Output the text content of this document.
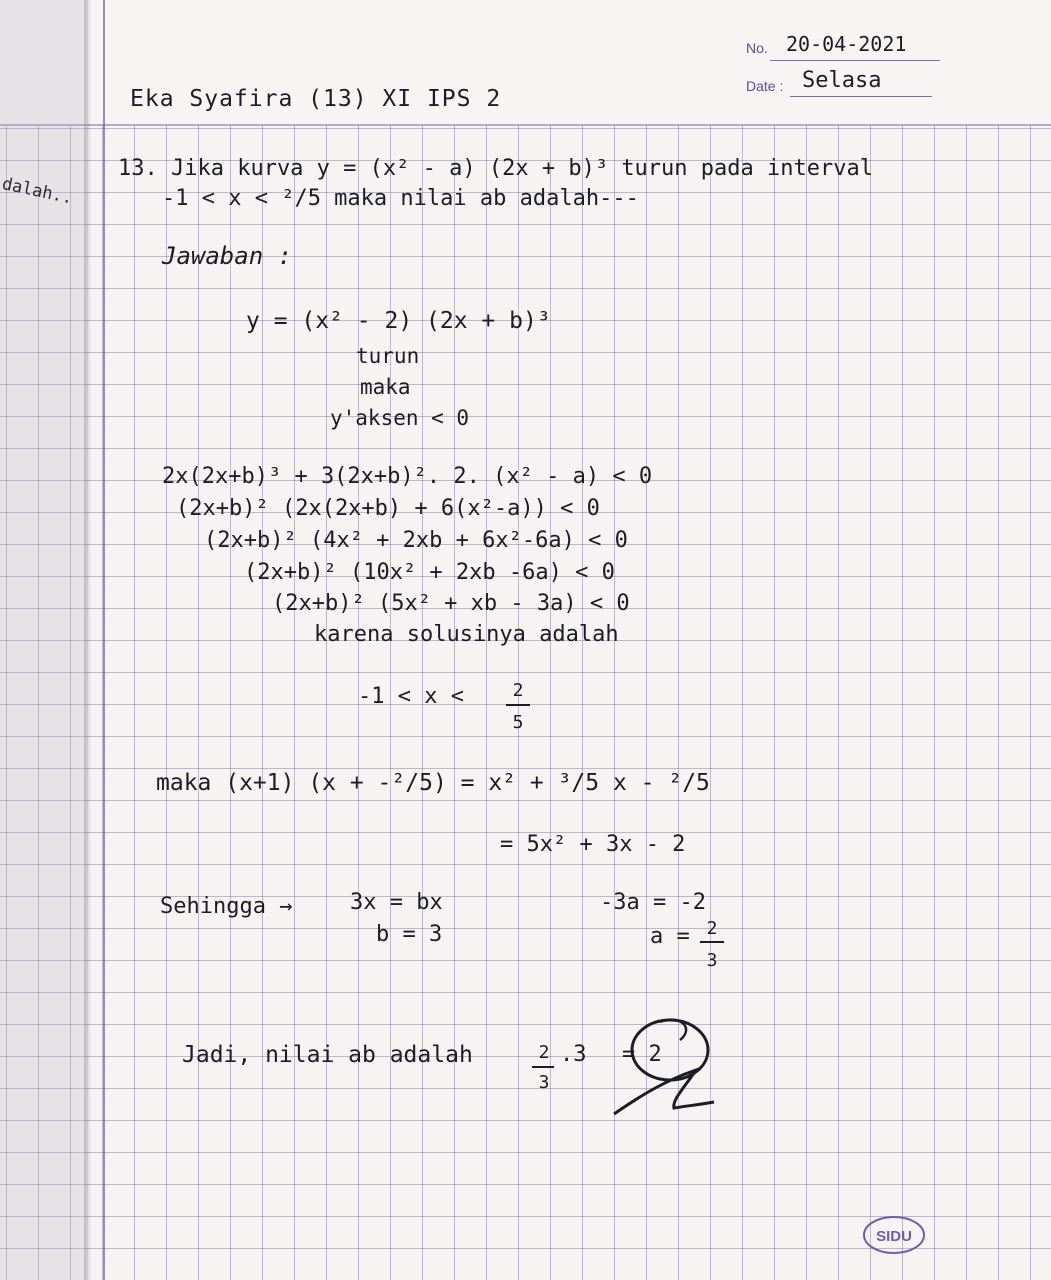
No. 20-04-2021
Date : Selasa
Eka Syafira (13) XI IPS 2
dalah..
13. Jika kurva y = (x² - a) (2x + b)³ turun pada interval
-1 < x < ²/5 maka nilai ab adalah---
Jawaban :
y = (x² - 2) (2x + b)³
turun
maka
y'aksen < 0
2x(2x+b)³ + 3(2x+b)². 2. (x² - a) < 0
(2x+b)² (2x(2x+b) + 6(x²-a)) < 0
(2x+b)² (4x² + 2xb + 6x²-6a) < 0
(2x+b)² (10x² + 2xb -6a) < 0
(2x+b)² (5x² + xb - 3a) < 0
karena solusinya adalah
-1 < x <	2
5
maka (x+1) (x + -²/5) = x² + ³/5 x - ²/5
= 5x² + 3x - 2
Sehingga →	3x = bx
b = 3
-3a = -2
a = 2
3
Jadi, nilai ab adalah	2
3
.3 = 2
SIDU
